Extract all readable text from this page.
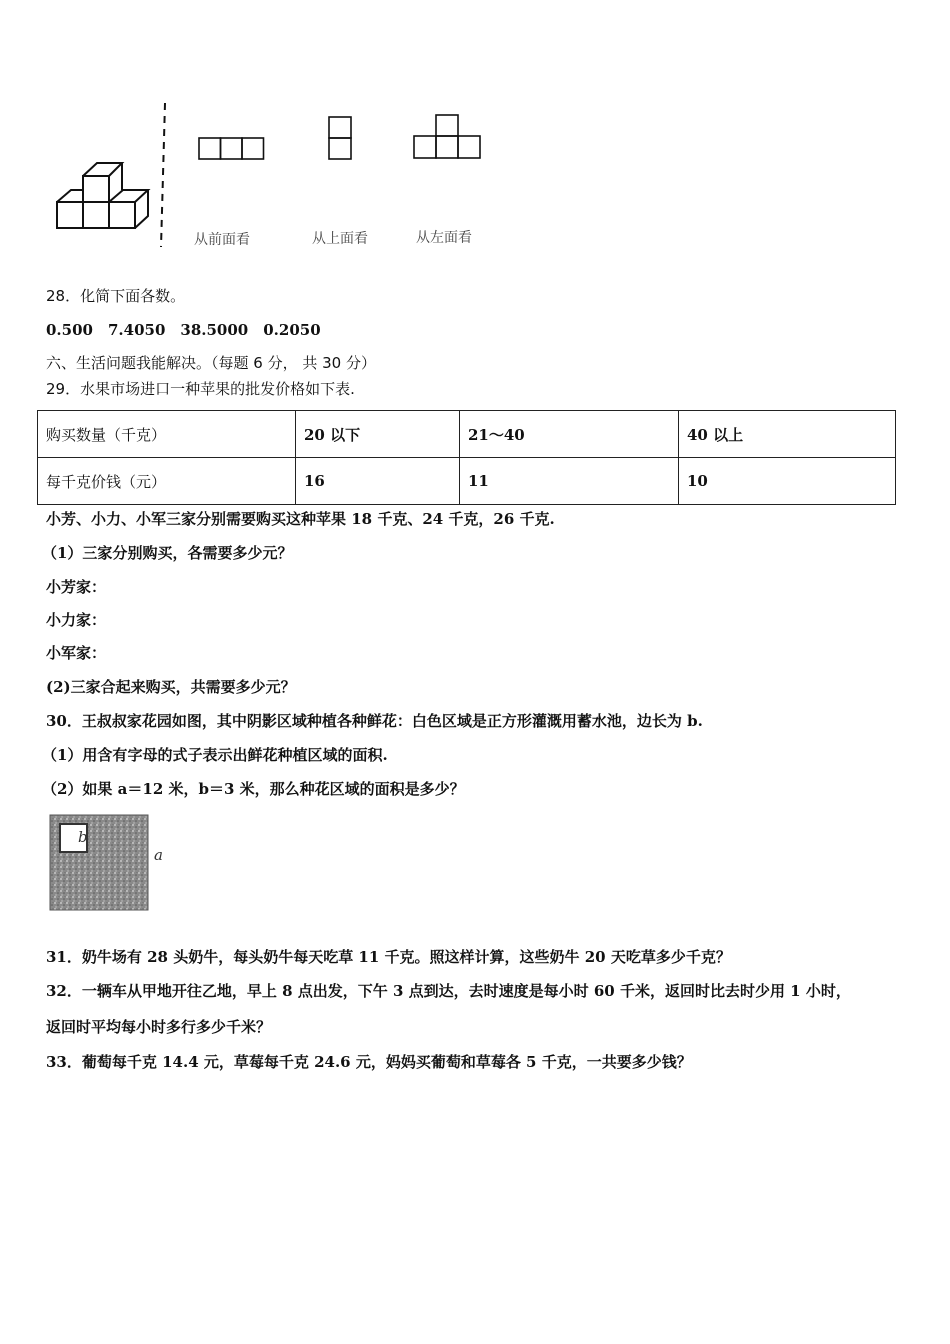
从前面看	从上面看	从左面看
28．化简下面各数。
0.500　7.4050　38.5000　0.2050
六、生活问题我能解决。（每题 6 分， 共 30 分）
29．水果市场进口一种苹果的批发价格如下表.
购买数量（千克）	20 以下	21～40	40 以上
每千克价钱（元）	16	11	10
小芳、小力、小军三家分别需要购买这种苹果 18 千克、24 千克，26 千克.
（1）三家分别购买，各需要多少元？
小芳家：
小力家：
小军家：
(2)三家合起来购买，共需要多少元？
30．王叔叔家花园如图，其中阴影区域种植各种鲜花：白色区域是正方形灌溉用蓄水池，边长为 b.
（1）用含有字母的式子表示出鲜花种植区域的面积.
（2）如果 a＝12 米，b＝3 米，那么种花区域的面积是多少？
b
a
31．奶牛场有 28 头奶牛，每头奶牛每天吃草 11 千克。照这样计算，这些奶牛 20 天吃草多少千克？
32．一辆车从甲地开往乙地，早上 8 点出发，下午 3 点到达，去时速度是每小时 60 千米，返回时比去时少用 1 小时，
返回时平均每小时多行多少千米？
33．葡萄每千克 14.4 元，草莓每千克 24.6 元，妈妈买葡萄和草莓各 5 千克，一共要多少钱？
